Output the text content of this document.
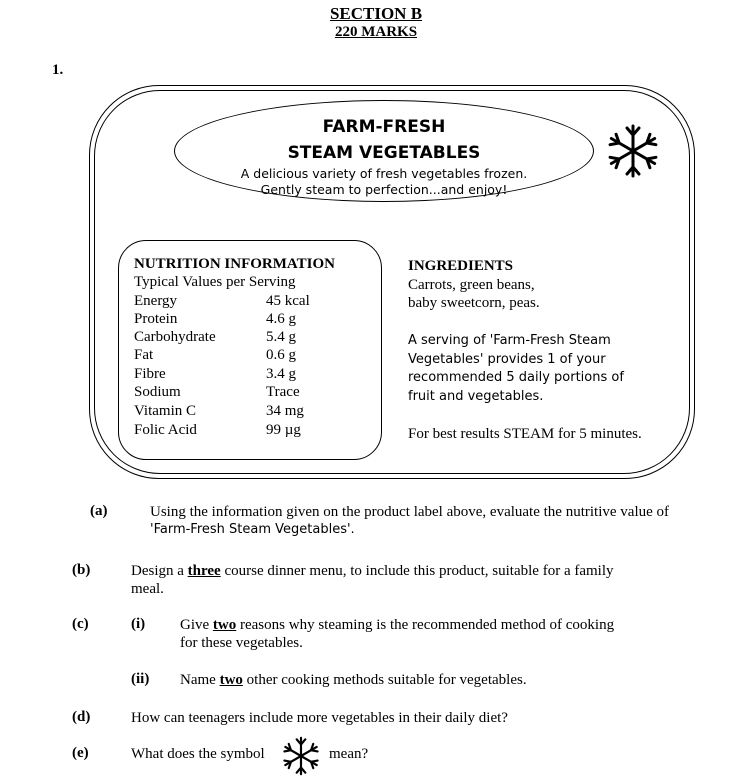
SECTION B
220 MARKS
1.
FARM-FRESH
STEAM VEGETABLES
A delicious variety of fresh vegetables frozen.
Gently steam to perfection...and enjoy!
NUTRITION INFORMATION
Typical Values per Serving
Energy	45 kcal
Protein	4.6 g
Carbohydrate	5.4 g
Fat	0.6 g
Fibre	3.4 g
Sodium	Trace
Vitamin C	34 mg
Folic Acid	99 µg
INGREDIENTS
Carrots, green beans,
baby sweetcorn, peas.
A serving of 'Farm-Fresh Steam
Vegetables' provides 1 of your
recommended 5 daily portions of
fruit and vegetables.
For best results STEAM for 5 minutes.
(a)	Using the information given on the product label above, evaluate the nutritive value of
'Farm-Fresh Steam Vegetables'.
(b)	Design a three course dinner menu, to include this product, suitable for a family
meal.
(c)	(i) Give two reasons why steaming is the recommended method of cooking
for these vegetables.
(ii) Name two other cooking methods suitable for vegetables.
(d)	How can teenagers include more vegetables in their daily diet?
(e)	What does the symbol	mean?
